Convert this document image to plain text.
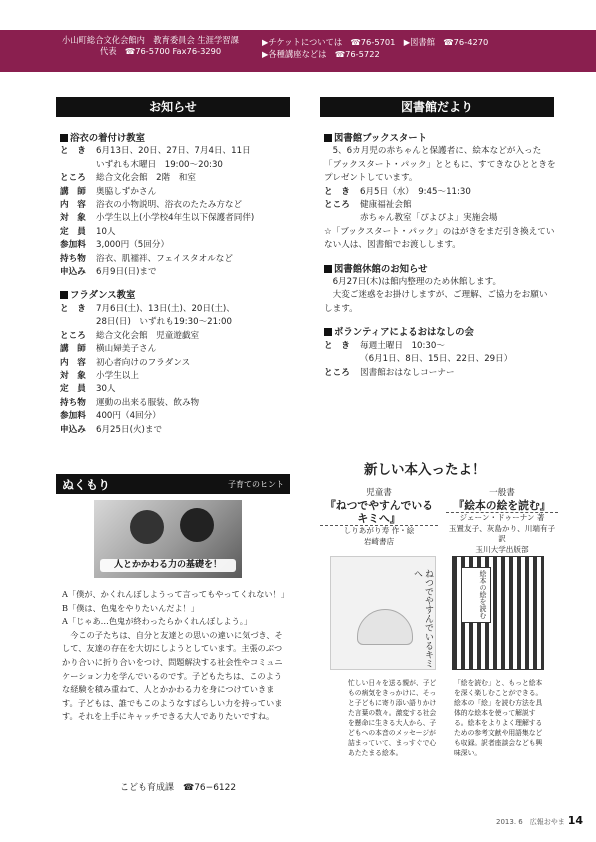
小山町総合文化会館内　教育委員会 生涯学習課
代表　☎76-5700 Fax76-3290
▶チケットについては　☎76-5701　▶図書館　☎76-4270
▶各種講座などは　☎76-5722
お知らせ	図書館だより
浴衣の着付け教室
と　き	6月13日、20日、27日、7月4日、11日
いずれも木曜日　19:00〜20:30
ところ	総合文化会館　2階　和室
講　師	奥脇しずかさん
内　容	浴衣の小物説明、浴衣のたたみ方など
対　象	小学生以上(小学校4年生以下保護者同伴)
定　員	10人
参加料	3,000円（5回分）
持ち物	浴衣、肌襦袢、フェイスタオルなど
申込み	6月9日(日)まで
フラダンス教室
と　き	7月6日(土)、13日(土)、20日(土)、
28日(日)　いずれも19:30〜21:00
ところ	総合文化会館　児童遊戯室
講　師	横山婦美子さん
内　容	初心者向けのフラダンス
対　象	小学生以上
定　員	30人
持ち物	運動の出来る服装、飲み物
参加料	400円（4回分）
申込み	6月25日(火)まで
図書館ブックスタート
5、6カ月児の赤ちゃんと保護者に、絵本などが入った「ブックスタート・パック」とともに、すてきなひとときをプレゼントしています。
と　き	6月5日（水）　9:45〜11:30
ところ	健康福祉会館
赤ちゃん教室「ぴよぴよ」実施会場
☆「ブックスタート・パック」のはがきをまだ引き換えていない人は、図書館でお渡しします。
図書館休館のお知らせ
6月27日(木)は館内整理のため休館します。
大変ご迷惑をお掛けしますが、ご理解、ご協力をお願いします。
ボランティアによるおはなしの会
と　き	毎週土曜日　10:30〜
（6月1日、8日、15日、22日、29日）
ところ	図書館おはなしコーナー
ぬくもり	子育てのヒント
人とかかわる力の基礎を！
A「僕が、かくれんぼしようって言ってもやってくれない！」
B「僕は、色鬼をやりたいんだよ！」
A「じゃあ…色鬼が終わったらかくれんぼしよう。」
今この子たちは、自分と友達との思いの違いに気づき、そして、友達の存在を大切にしようとしています。主張のぶつかり合いに折り合いをつけ、問題解決する社会性やコミュニケーション力を学んでいるのです。子どもたちは、このような経験を積み重ねて、人とかかわる力を身につけていきます。子どもは、誰でもこのようなすばらしい力を持っています。それを上手にキャッチできる大人でありたいですね。
こども育成課　☎76−6122
新しい本入ったよ！
児童書
『ねつでやすんでいるキミへ』
しりあがり寿 作・絵
岩崎書店
一般書
『絵本の絵を読む』
ジェーン・ドゥーナン 著
玉置友子、灰島かり、川端有子 訳
玉川大学出版部
ねつでやすんでいるキミへ	絵本の絵を読む
忙しい日々を送る親が、子どもの病気をきっかけに、そっと子どもに寄り添い語りかけた言葉の数々。激変する社会を懸命に生きる大人から、子どもへの本音のメッセージが詰まっていて、まっすぐで心あたたまる絵本。
「絵を読む」と、もっと絵本を深く楽しむことができる。絵本の「絵」を読む方法を具体的な絵本を使って解説する。絵本をよりよく理解するための参考文献や用語集なども収録。訳者座談会なども興味深い。
2013. 6　広報おやま 14
